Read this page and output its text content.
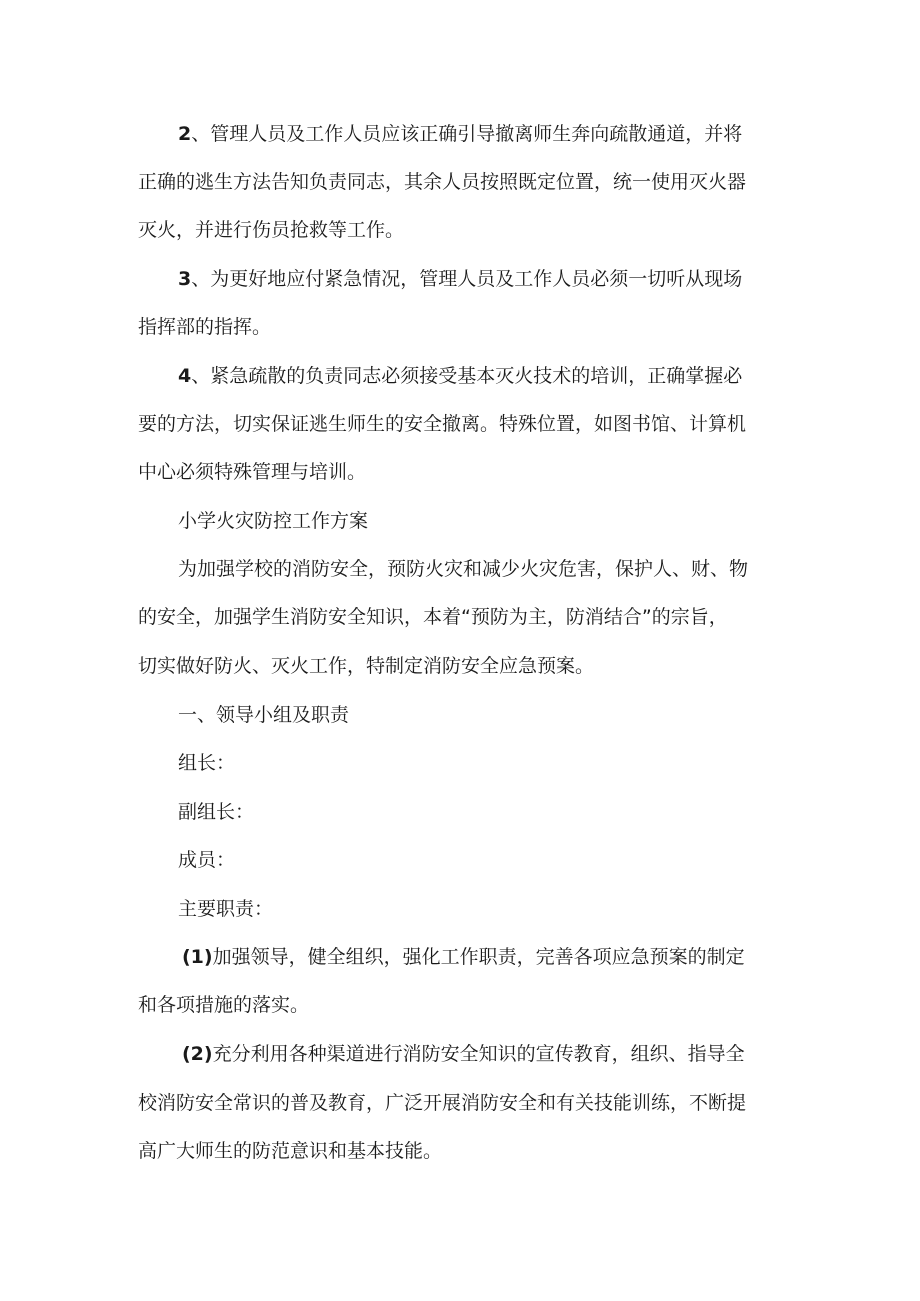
2、管理人员及工作人员应该正确引导撤离师生奔向疏散通道，并将
正确的逃生方法告知负责同志，其余人员按照既定位置，统一使用灭火器
灭火，并进行伤员抢救等工作。
3、为更好地应付紧急情况，管理人员及工作人员必须一切听从现场
指挥部的指挥。
4、紧急疏散的负责同志必须接受基本灭火技术的培训，正确掌握必
要的方法，切实保证逃生师生的安全撤离。特殊位置，如图书馆、计算机
中心必须特殊管理与培训。
小学火灾防控工作方案
为加强学校的消防安全，预防火灾和减少火灾危害，保护人、财、物
的安全，加强学生消防安全知识，本着“预防为主，防消结合”的宗旨，
切实做好防火、灭火工作，特制定消防安全应急预案。
一、领导小组及职责
组长：
副组长：
成员：
主要职责：
(1)加强领导，健全组织，强化工作职责，完善各项应急预案的制定
和各项措施的落实。
(2)充分利用各种渠道进行消防安全知识的宣传教育，组织、指导全
校消防安全常识的普及教育，广泛开展消防安全和有关技能训练，不断提
高广大师生的防范意识和基本技能。
